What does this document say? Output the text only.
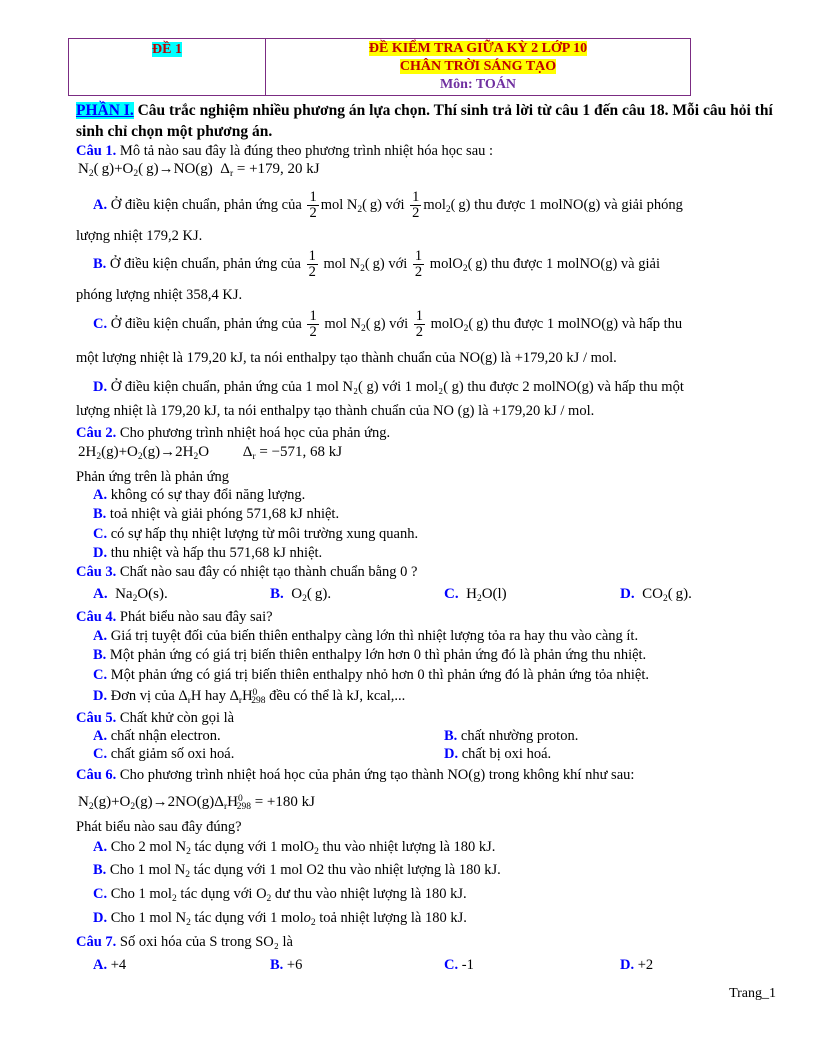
ĐỀ 1	ĐỀ KIỂM TRA GIỮA KỲ 2 LỚP 10
CHÂN TRỜI SÁNG TẠO
Môn: TOÁN
PHẦN I. Câu trắc nghiệm nhiều phương án lựa chọn. Thí sinh trả lời từ câu 1 đến câu 18. Mỗi câu hỏi thí sinh chỉ chọn một phương án.
Câu 1. Mô tả nào sau đây là đúng theo phương trình nhiệt hóa học sau :
$N_2$( $g)+O_2$( g)→NO(g)  $\Delta_r = +179$, 20 kJ
A. Ở điều kiện chuẩn, phản ứng của $\frac{1}{2}$ mol $N_2$( g) với $\frac{1}{2} mol_2$( g) thu được 1 molNO(g) và giải phóng
lượng nhiệt 179,2 KJ.
B. Ở điều kiện chuẩn, phản ứng của $\frac{1}{2}$ mol $N_2$( g) với $\frac{1}{2}$ molO$_2$( g) thu được 1 molNO(g) và giải
phóng lượng nhiệt 358,4 KJ.
C. Ở điều kiện chuẩn, phản ứng của $\frac{1}{2}$ mol $N_2$( g) với $\frac{1}{2}$ molO$_2$( g) thu được 1 molNO(g) và hấp thu
một lượng nhiệt là 179,20 kJ, ta nói enthalpy tạo thành chuẩn của NO(g) là +179,20 kJ / mol.
D. Ở điều kiện chuẩn, phản ứng của 1 mol N₂( g) với 1 mol₂( g) thu được 2 molNO(g) và hấp thu một
lượng nhiệt là 179,20 kJ, ta nói enthalpy tạo thành chuẩn của NO (g) là +179,20 kJ / mol.
Câu 2. Cho phương trình nhiệt hoá học của phản ứng.
$2H_2(g)+O_2(g)\to 2H_2O$         $\Delta_r = -571$, 68 kJ
Phản ứng trên là phản ứng
A. không có sự thay đổi năng lượng.
B. toả nhiệt và giải phóng 571,68 kJ nhiệt.
C. có sự hấp thụ nhiệt lượng từ môi trường xung quanh.
D. thu nhiệt và hấp thu 571,68 kJ nhiệt.
Câu 3. Chất nào sau đây có nhiệt tạo thành chuẩn bằng 0 ?
A.  $Na_2O(s)$.	B.  $O_2$( g).	C.  $H_2O(l)$	D.  $CO_2$( g).
Câu 4. Phát biểu nào sau đây sai?
A. Giá trị tuyệt đối của biến thiên enthalpy càng lớn thì nhiệt lượng tỏa ra hay thu vào càng ít.
B. Một phản ứng có giá trị biến thiên enthalpy lớn hơn 0 thì phản ứng đó là phản ứng thu nhiệt.
C. Một phản ứng có giá trị biến thiên enthalpy nhỏ hơn 0 thì phản ứng đó là phản ứng tỏa nhiệt.
D. Đơn vị của $\Delta_rH$ hay $\Delta_rH^0_{298}$ đều có thể là kJ, kcal,...
Câu 5. Chất khử còn gọi là
A. chất nhận electron.	B. chất nhường proton.
C. chất giảm số oxi hoá.	D. chất bị oxi hoá.
Câu 6. Cho phương trình nhiệt hoá học của phản ứng tạo thành NO(g) trong không khí như sau:
$N_2(g)+O_2(g)\to 2NO(g)\Delta_rH^0_{298} = +180$ kJ
Phát biểu nào sau đây đúng?
A. Cho 2 mol $N_2$ tác dụng với 1 molO$_2$ thu vào nhiệt lượng là 180 kJ.
B. Cho 1 mol $N_2$ tác dụng với 1 mol O2 thu vào nhiệt lượng là 180 kJ.
C. Cho 1 mol$_2$ tác dụng với $O_2$ dư thu vào nhiệt lượng là 180 kJ.
D. Cho 1 mol $N_2$ tác dụng với 1 molo$_2$ toả nhiệt lượng là 180 kJ.
Câu 7. Số oxi hóa của S trong SO₂ là
A. +4	B. +6	C. -1	D. +2
Trang_1
